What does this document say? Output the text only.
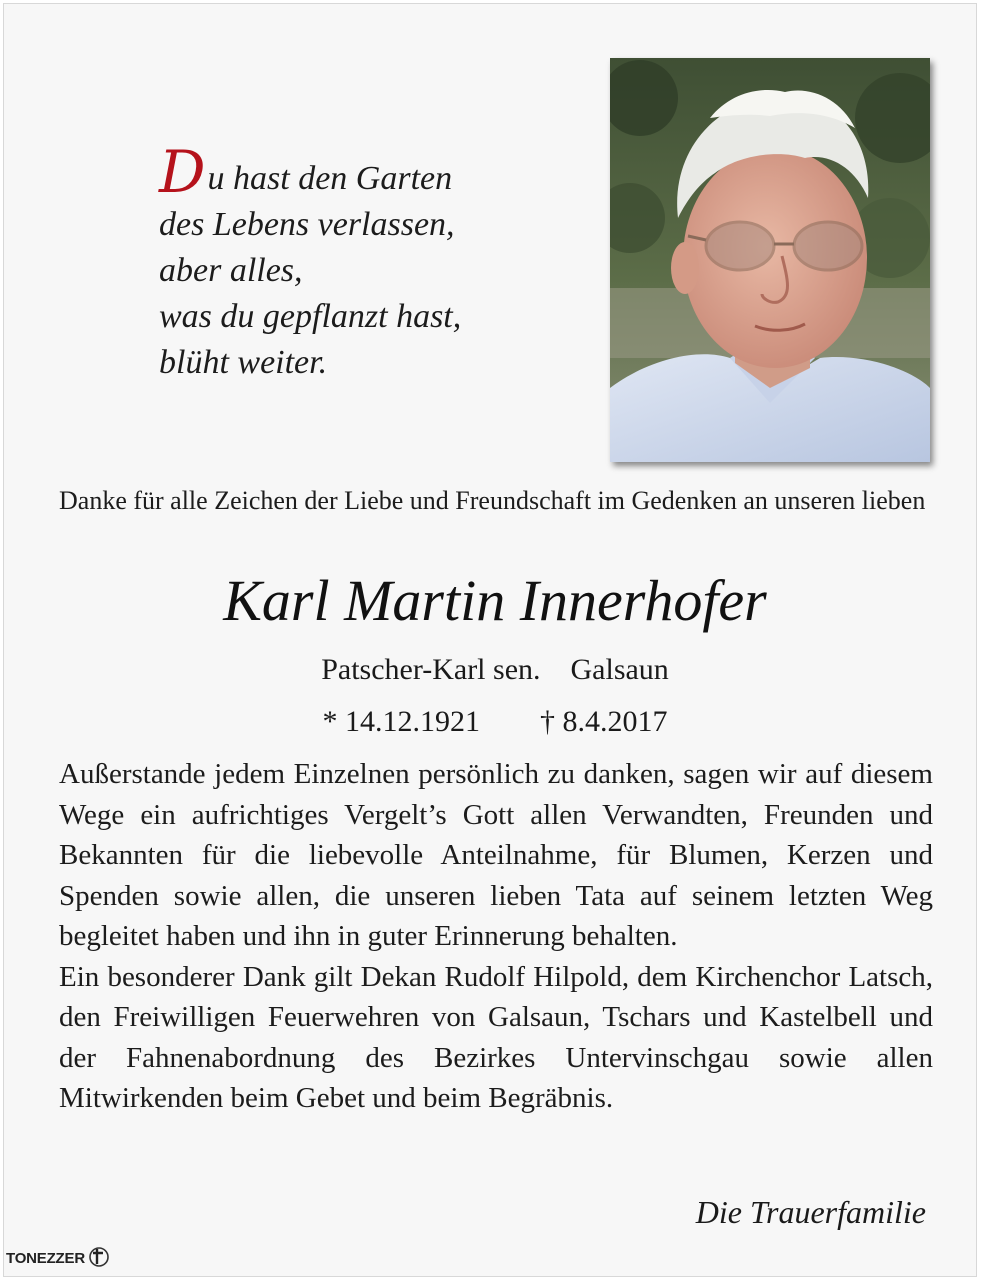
Du hast den Garten
des Lebens verlassen,
aber alles,
was du gepflanzt hast,
blüht weiter.
Danke für alle Zeichen der Liebe und Freundschaft im Gedenken an unseren lieben
Karl Martin Innerhofer
Patscher-Karl sen.    Galsaun
* 14.12.1921        † 8.4.2017
Außerstande jedem Einzelnen persönlich zu danken, sagen wir auf diesem Wege ein aufrichtiges Vergelt’s Gott allen Verwandten, Freunden und Bekannten für die liebevolle Anteilnahme, für Blumen, Kerzen und Spenden sowie allen, die unseren lieben Tata auf seinem letzten Weg begleitet haben und ihn in guter Erinnerung behalten.
Ein besonderer Dank gilt Dekan Rudolf Hilpold, dem Kirchenchor Latsch, den Freiwilligen Feuerwehren von Galsaun, Tschars und Kastelbell und der Fahnenabordnung des Bezirkes Untervinschgau sowie allen Mitwirkenden beim Gebet und beim Begräbnis.
Die Trauerfamilie
TONEZZER
